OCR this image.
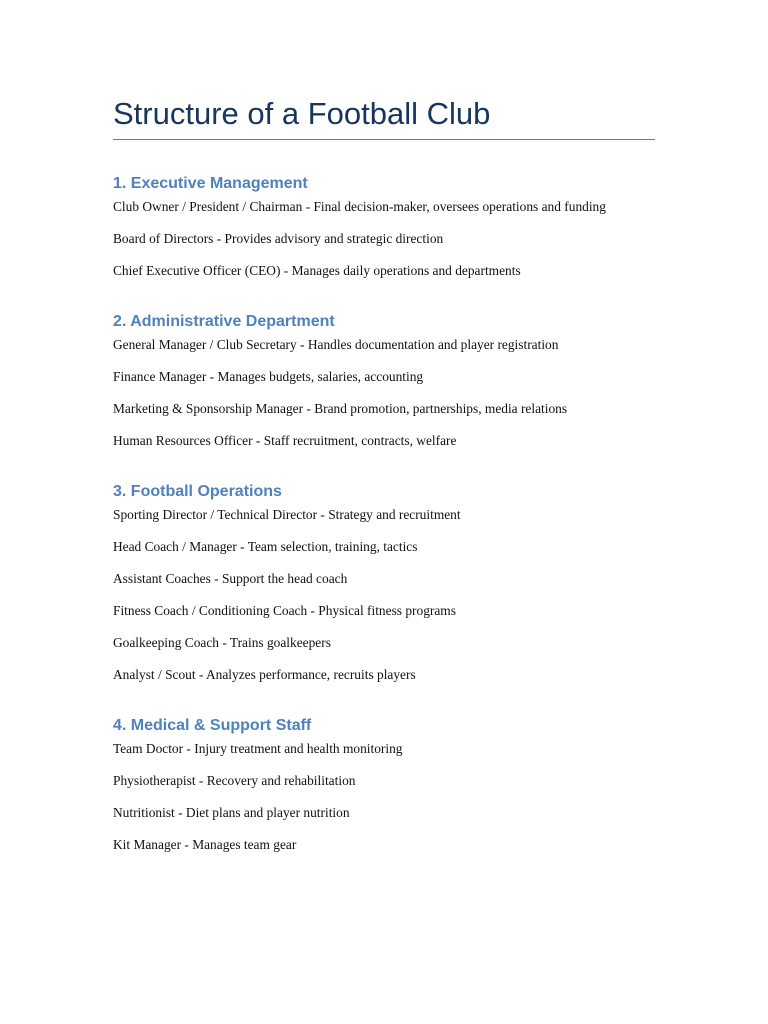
Structure of a Football Club
1. Executive Management

Club Owner / President / Chairman - Final decision-maker, oversees operations and funding

Board of Directors - Provides advisory and strategic direction

Chief Executive Officer (CEO) - Manages daily operations and departments

2. Administrative Department

General Manager / Club Secretary - Handles documentation and player registration

Finance Manager - Manages budgets, salaries, accounting

Marketing & Sponsorship Manager - Brand promotion, partnerships, media relations

Human Resources Officer - Staff recruitment, contracts, welfare

3. Football Operations

Sporting Director / Technical Director - Strategy and recruitment

Head Coach / Manager - Team selection, training, tactics

Assistant Coaches - Support the head coach

Fitness Coach / Conditioning Coach - Physical fitness programs

Goalkeeping Coach - Trains goalkeepers

Analyst / Scout - Analyzes performance, recruits players

4. Medical & Support Staff

Team Doctor - Injury treatment and health monitoring

Physiotherapist - Recovery and rehabilitation

Nutritionist - Diet plans and player nutrition

Kit Manager - Manages team gear
